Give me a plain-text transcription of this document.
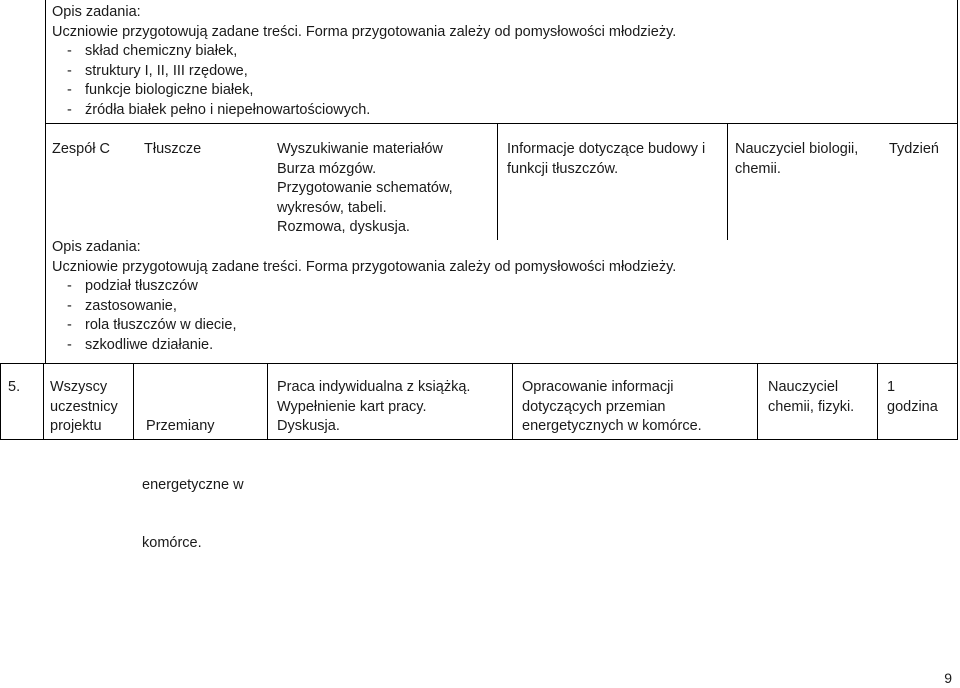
Opis zadania:
Uczniowie przygotowują zadane treści. Forma przygotowania zależy od pomysłowości młodzieży.
- skład chemiczny białek,
- struktury I, II, III rzędowe,
- funkcje biologiczne białek,
- źródła białek pełno i niepełnowartościowych.
Zespół C Tłuszcze	Wyszukiwanie materiałów
Burza mózgów.
Przygotowanie schematów,
wykresów, tabeli.
Rozmowa, dyskusja.
Informacje dotyczące budowy i
funkcji tłuszczów.
Nauczyciel biologii,
chemii.
Tydzień
Opis zadania:
Uczniowie przygotowują zadane treści. Forma przygotowania zależy od pomysłowości młodzieży.
- podział tłuszczów
- zastosowanie,
- rola tłuszczów w diecie,
- szkodliwe działanie.
5. Wszyscy
uczestnicy
projektu

	Przemiany

energetyczne w

komórce.

Praca indywidualna z książką.
Wypełnienie kart pracy.
Dyskusja.
Opracowanie informacji
dotyczących przemian
energetycznych w komórce.
Nauczyciel
chemii, fizyki.
1
godzina
9
